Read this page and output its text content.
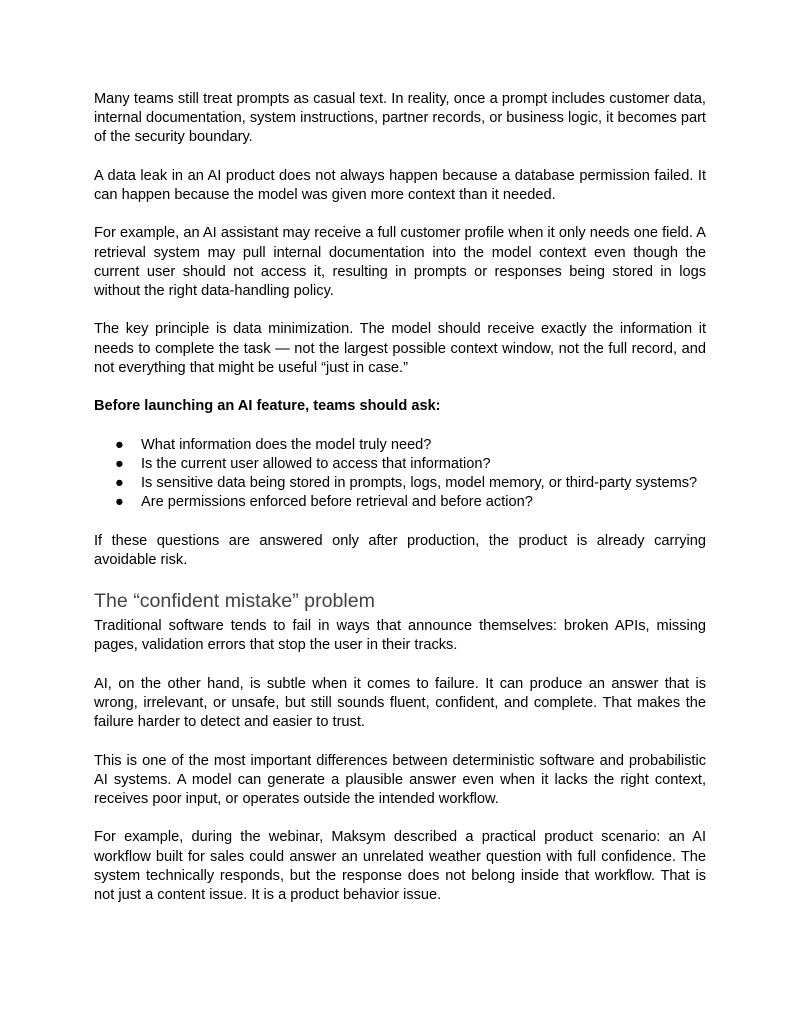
Many teams still treat prompts as casual text. In reality, once a prompt includes customer data, internal documentation, system instructions, partner records, or business logic, it becomes part of the security boundary.

A data leak in an AI product does not always happen because a database permission failed. It can happen because the model was given more context than it needed.

For example, an AI assistant may receive a full customer profile when it only needs one field. A retrieval system may pull internal documentation into the model context even though the current user should not access it, resulting in prompts or responses being stored in logs without the right data-handling policy.

The key principle is data minimization. The model should receive exactly the information it needs to complete the task — not the largest possible context window, not the full record, and not everything that might be useful “just in case.”

Before launching an AI feature, teams should ask:

● What information does the model truly need?
● Is the current user allowed to access that information?
● Is sensitive data being stored in prompts, logs, model memory, or third-party systems?
● Are permissions enforced before retrieval and before action?

If these questions are answered only after production, the product is already carrying avoidable risk.

The “confident mistake” problem

Traditional software tends to fail in ways that announce themselves: broken APIs, missing pages, validation errors that stop the user in their tracks.

AI, on the other hand, is subtle when it comes to failure. It can produce an answer that is wrong, irrelevant, or unsafe, but still sounds fluent, confident, and complete. That makes the failure harder to detect and easier to trust.

This is one of the most important differences between deterministic software and probabilistic AI systems. A model can generate a plausible answer even when it lacks the right context, receives poor input, or operates outside the intended workflow.

For example, during the webinar, Maksym described a practical product scenario: an AI workflow built for sales could answer an unrelated weather question with full confidence. The system technically responds, but the response does not belong inside that workflow. That is not just a content issue. It is a product behavior issue.
